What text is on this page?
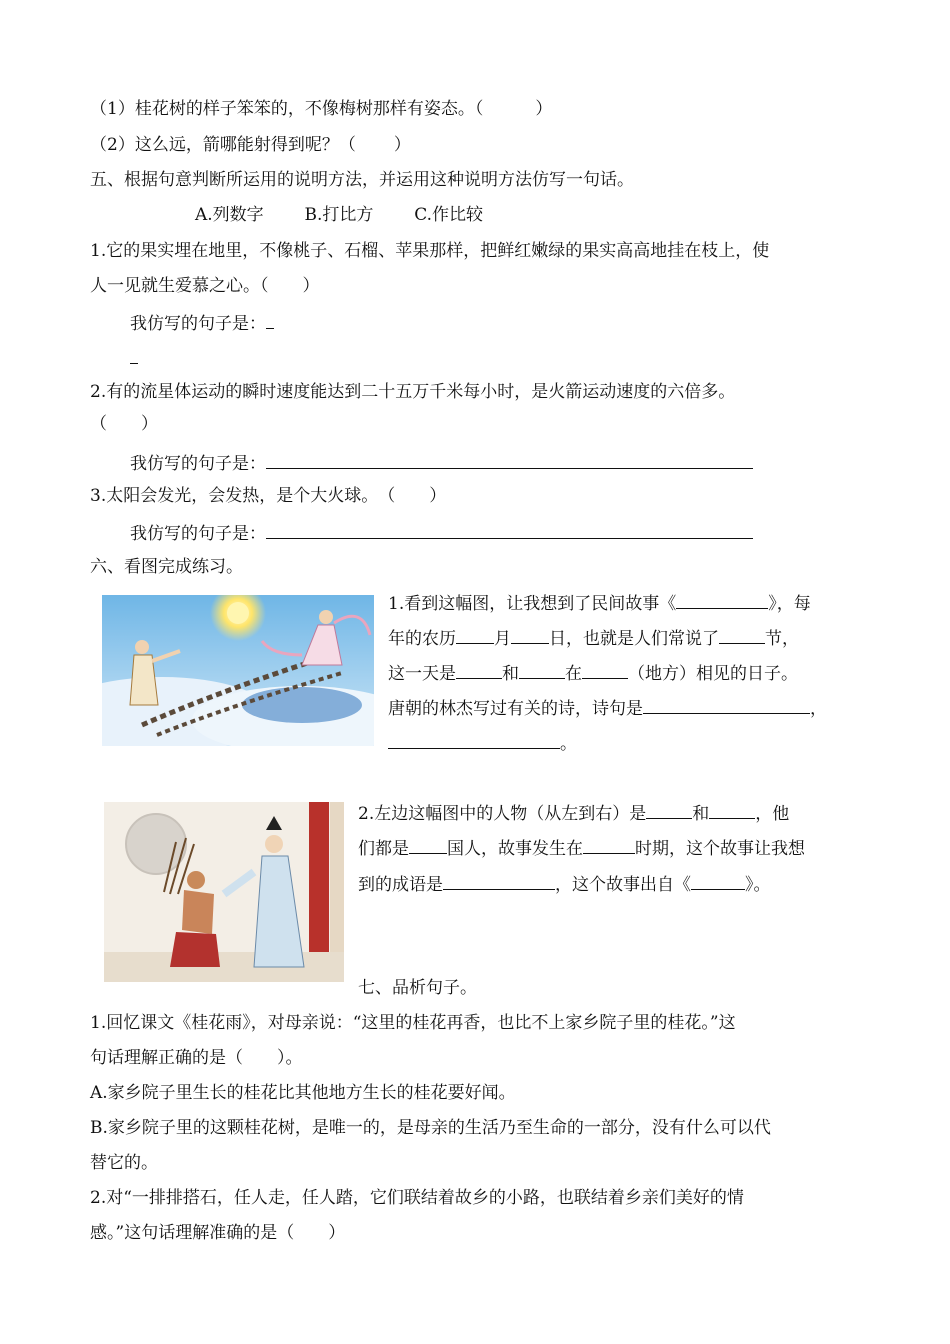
（1）桂花树的样子笨笨的，不像梅树那样有姿态。（	）
（2）这么远，箭哪能射得到呢？（ ）
五、根据句意判断所运用的说明方法，并运用这种说明方法仿写一句话。
A.列数字 B.打比方 C.作比较
1.它的果实埋在地里，不像桃子、石榴、苹果那样，把鲜红嫩绿的果实高高地挂在枝上，使
人一见就生爱慕之心。（　　）
我仿写的句子是：
2.有的流星体运动的瞬时速度能达到二十五万千米每小时，是火箭运动速度的六倍多。
（　　）
我仿写的句子是：
3.太阳会发光，会发热，是个大火球。　（　　）
我仿写的句子是：
六、看图完成练习。
1.看到这幅图，让我想到了民间故事《	》，每
年的农历 月 日，也就是人们常说了	节，
这一天是	和	在	（地方）相见的日子。
唐朝的林杰写过有关的诗，诗句是	，
。
2.左边这幅图中的人物（从左到右）是	和	，他
们都是 国人，故事发生在	时期，这个故事让我想
到的成语是	，这个故事出自《	》。
七、品析句子。
1.回忆课文《桂花雨》，对母亲说：“这里的桂花再香，也比不上家乡院子里的桂花。”这
句话理解正确的是（　　）。
A.家乡院子里生长的桂花比其他地方生长的桂花要好闻。
B.家乡院子里的这颗桂花树，是唯一的，是母亲的生活乃至生命的一部分，没有什么可以代
替它的。
2.对“一排排搭石，任人走，任人踏，它们联结着故乡的小路，也联结着乡亲们美好的情
感。”这句话理解准确的是（　　）
